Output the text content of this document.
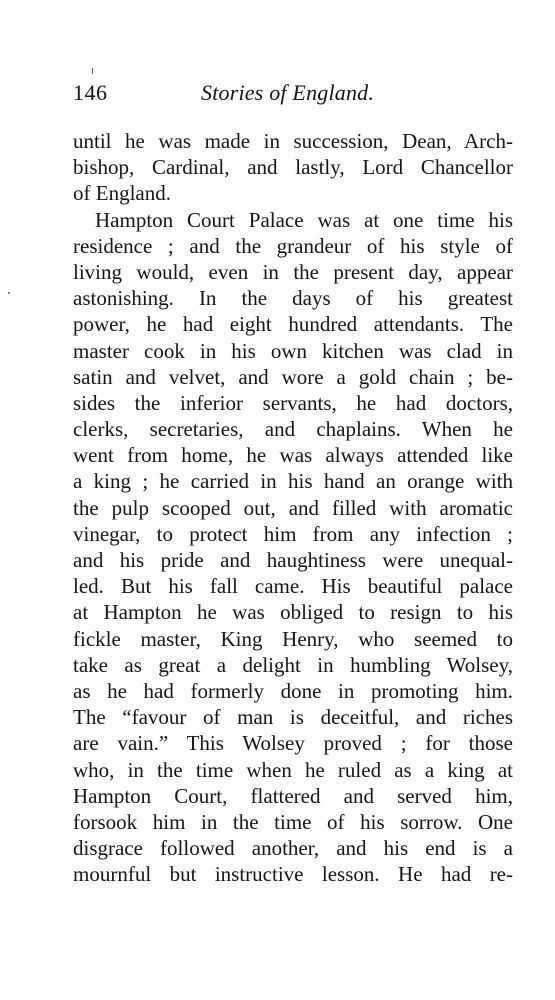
146	Stories of England.
until he was made in succession, Dean, Arch-
bishop, Cardinal, and lastly, Lord Chancellor
of England.
Hampton Court Palace was at one time his
residence ; and the grandeur of his style of
living would, even in the present day, appear
astonishing. In the days of his greatest
power, he had eight hundred attendants. The
master cook in his own kitchen was clad in
satin and velvet, and wore a gold chain ; be-
sides the inferior servants, he had doctors,
clerks, secretaries, and chaplains. When he
went from home, he was always attended like
a king ; he carried in his hand an orange with
the pulp scooped out, and filled with aromatic
vinegar, to protect him from any infection ;
and his pride and haughtiness were unequal-
led. But his fall came. His beautiful palace
at Hampton he was obliged to resign to his
fickle master, King Henry, who seemed to
take as great a delight in humbling Wolsey,
as he had formerly done in promoting him.
The “favour of man is deceitful, and riches
are vain.” This Wolsey proved ; for those
who, in the time when he ruled as a king at
Hampton Court, flattered and served him,
forsook him in the time of his sorrow. One
disgrace followed another, and his end is a
mournful but instructive lesson. He had re-
